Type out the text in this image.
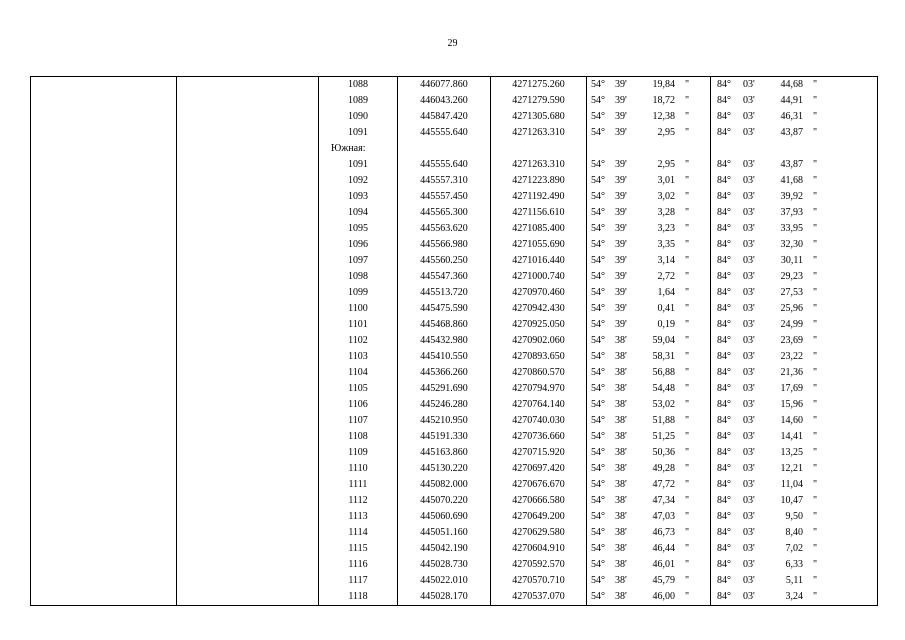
29
		1088	446077.860	4271275.260	54° 39' 19,84 "	84° 03' 44,68 "

		1089	446043.260	4271279.590	54° 39' 18,72 "	84° 03' 44,91 "

		1090	445847.420	4271305.680	54° 39' 12,38 "	84° 03' 46,31 "

		1091	445555.640	4271263.310	54° 39' 2,95 "	84° 03' 43,87 "

		Южная:				
		1091	445555.640	4271263.310	54° 39' 2,95 "	84° 03' 43,87 "

		1092	445557.310	4271223.890	54° 39' 3,01 "	84° 03' 41,68 "

		1093	445557.450	4271192.490	54° 39' 3,02 "	84° 03' 39,92 "

		1094	445565.300	4271156.610	54° 39' 3,28 "	84° 03' 37,93 "

		1095	445563.620	4271085.400	54° 39' 3,23 "	84° 03' 33,95 "

		1096	445566.980	4271055.690	54° 39' 3,35 "	84° 03' 32,30 "

		1097	445560.250	4271016.440	54° 39' 3,14 "	84° 03' 30,11 "

		1098	445547.360	4271000.740	54° 39' 2,72 "	84° 03' 29,23 "

		1099	445513.720	4270970.460	54° 39' 1,64 "	84° 03' 27,53 "

		1100	445475.590	4270942.430	54° 39' 0,41 "	84° 03' 25,96 "

		1101	445468.860	4270925.050	54° 39' 0,19 "	84° 03' 24,99 "

		1102	445432.980	4270902.060	54° 38' 59,04 "	84° 03' 23,69 "

		1103	445410.550	4270893.650	54° 38' 58,31 "	84° 03' 23,22 "

		1104	445366.260	4270860.570	54° 38' 56,88 "	84° 03' 21,36 "

		1105	445291.690	4270794.970	54° 38' 54,48 "	84° 03' 17,69 "

		1106	445246.280	4270764.140	54° 38' 53,02 "	84° 03' 15,96 "

		1107	445210.950	4270740.030	54° 38' 51,88 "	84° 03' 14,60 "

		1108	445191.330	4270736.660	54° 38' 51,25 "	84° 03' 14,41 "

		1109	445163.860	4270715.920	54° 38' 50,36 "	84° 03' 13,25 "

		1110	445130.220	4270697.420	54° 38' 49,28 "	84° 03' 12,21 "

		1111	445082.000	4270676.670	54° 38' 47,72 "	84° 03' 11,04 "

		1112	445070.220	4270666.580	54° 38' 47,34 "	84° 03' 10,47 "

		1113	445060.690	4270649.200	54° 38' 47,03 "	84° 03' 9,50 "

		1114	445051.160	4270629.580	54° 38' 46,73 "	84° 03' 8,40 "

		1115	445042.190	4270604.910	54° 38' 46,44 "	84° 03' 7,02 "

		1116	445028.730	4270592.570	54° 38' 46,01 "	84° 03' 6,33 "

		1117	445022.010	4270570.710	54° 38' 45,79 "	84° 03' 5,11 "

		1118	445028.170	4270537.070	54° 38' 46,00 "	84° 03' 3,24 "
